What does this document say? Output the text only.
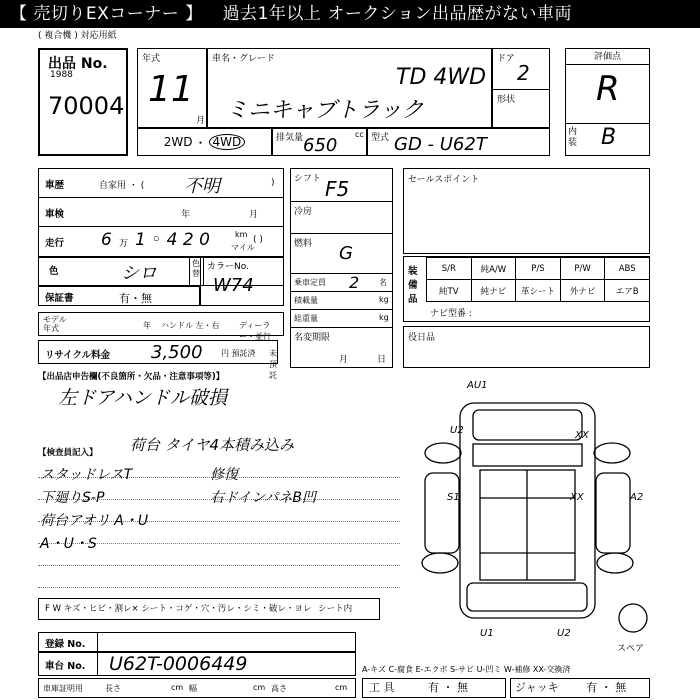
【 売切りEXコーナー 】 過去1年以上 オークション出品歴がない車両
( 複合機 ) 対応用紙
出品 No.
1988
70004
年式
11
月
車名・グレード
TD 4WD
ミニキャブトラック
ドア
2
形状
2WD ・ 4WD	排気量 650
cc 型式 GD - U62T
評価点
R
内装 B
車歴	自家用 ・ ( 不明	)
車検	年	月
走行 6 万 1 ◦ 4 2 0	km
マイル
( )
色	シロ	色替
カラーNo.
W74
保証書	有・無
モデル年式	年 ハンドル 左・右 ディーラー・並行
リサイクル料金 3,500 円 預託済 未預託
シフト F5
冷房
燃料 G
乗車定員 2 名
積載量	kg
総重量	kg
名変期限
月	日
セールスポイント
装備品
S/R	純A/W	P/S	P/W	ABS
純TV	純ナビ	革シート	外ナビ	エアB
ナビ型番 :
役日品
【出品店申告欄(不良箇所・欠品・注意事項等)】
左ドアハンドル破損
【検査員記入】 荷台 タイヤ4本積み込み
スタッドレスT
下廻りS-P
荷台アオリ A・U
A・U・S
修復
右ドインパネB凹
F W キズ・ヒビ・割レ× シート・コゲ・穴・汚レ・シミ・破レ・ヨレ シート内
登録 No.
車台 No. U62T-0006449
車庫証明用	長さ	cm 幅	cm 高さ	cm
A-キズ C-腐食 E-エクボ S-サビ U-凹ミ W-補修 XX-交換済
工 具	有 ・ 無	ジャッキ	有 ・ 無
AU1
U2	XX
S1	XX	A2
U1	U2
スペア
